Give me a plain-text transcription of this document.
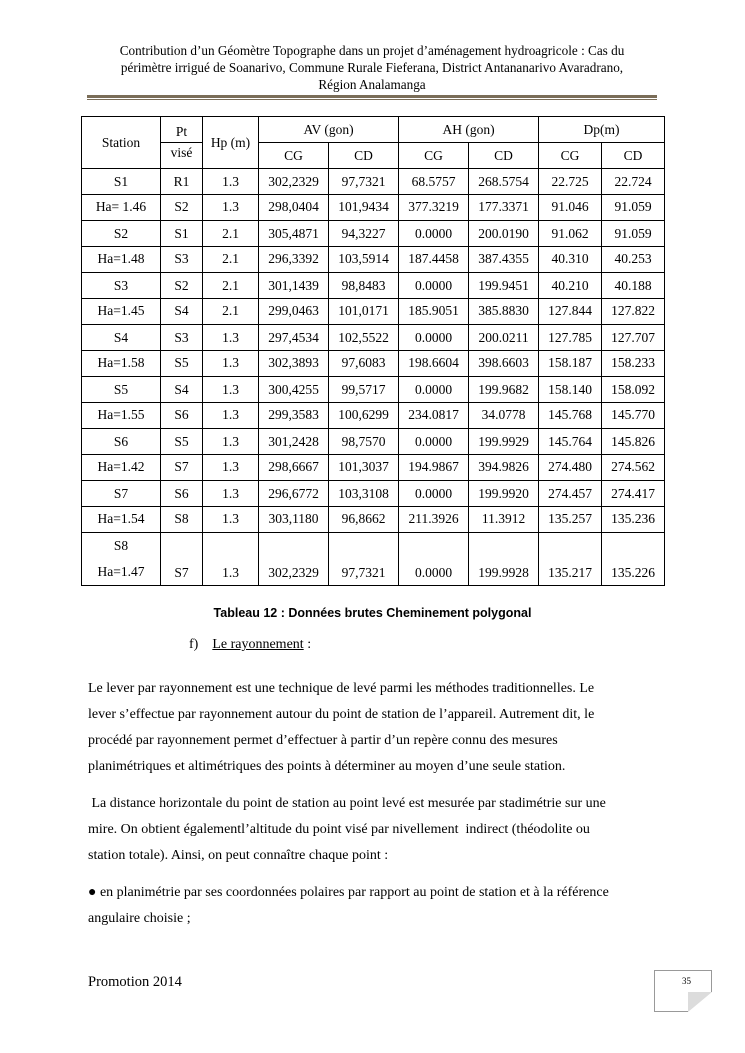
Contribution d’un Géomètre Topographe dans un projet d’aménagement hydroagricole : Cas du
périmètre irrigué de Soanarivo, Commune Rurale Fieferana, District Antananarivo Avaradrano,
Région Analamanga
Station	Pt	Hp (m)	AV (gon)		AH (gon)		Dp(m)	
	visé		CG	CD	CG	CD	CG	CD
S1	R1	1.3	302,2329	97,7321	68.5757	268.5754	22.725	22.724
Ha= 1.46	S2	1.3	298,0404	101,9434	377.3219	177.3371	91.046	91.059
S2	S1	2.1	305,4871	94,3227	0.0000	200.0190	91.062	91.059
Ha=1.48	S3	2.1	296,3392	103,5914	187.4458	387.4355	40.310	40.253
S3	S2	2.1	301,1439	98,8483	0.0000	199.9451	40.210	40.188
Ha=1.45	S4	2.1	299,0463	101,0171	185.9051	385.8830	127.844	127.822
S4	S3	1.3	297,4534	102,5522	0.0000	200.0211	127.785	127.707
Ha=1.58	S5	1.3	302,3893	97,6083	198.6604	398.6603	158.187	158.233
S5	S4	1.3	300,4255	99,5717	0.0000	199.9682	158.140	158.092
Ha=1.55	S6	1.3	299,3583	100,6299	234.0817	34.0778	145.768	145.770
S6	S5	1.3	301,2428	98,7570	0.0000	199.9929	145.764	145.826
Ha=1.42	S7	1.3	298,6667	101,3037	194.9867	394.9826	274.480	274.562
S7	S6	1.3	296,6772	103,3108	0.0000	199.9920	274.457	274.417
Ha=1.54	S8	1.3	303,1180	96,8662	211.3926	11.3912	135.257	135.236

S8
Ha=1.47	S7	1.3	302,2329	97,7321	0.0000	199.9928	135.217	135.226
Tableau 12 : Données brutes Cheminement polygonal
f) Le rayonnement :

Le lever par rayonnement est une technique de levé parmi les méthodes traditionnelles. Le
lever s’effectue par rayonnement autour du point de station de l’appareil. Autrement dit, le
procédé par rayonnement permet d’effectuer à partir d’un repère connu des mesures
planimétriques et altimétriques des points à déterminer au moyen d’une seule station.

La distance horizontale du point de station au point levé est mesurée par stadimétrie sur une
mire. On obtient égalementl’altitude du point visé par nivellement  indirect (théodolite ou
station totale). Ainsi, on peut connaître chaque point :

● en planimétrie par ses coordonnées polaires par rapport au point de station et à la référence
angulaire choisie ;

Promotion 2014	35
